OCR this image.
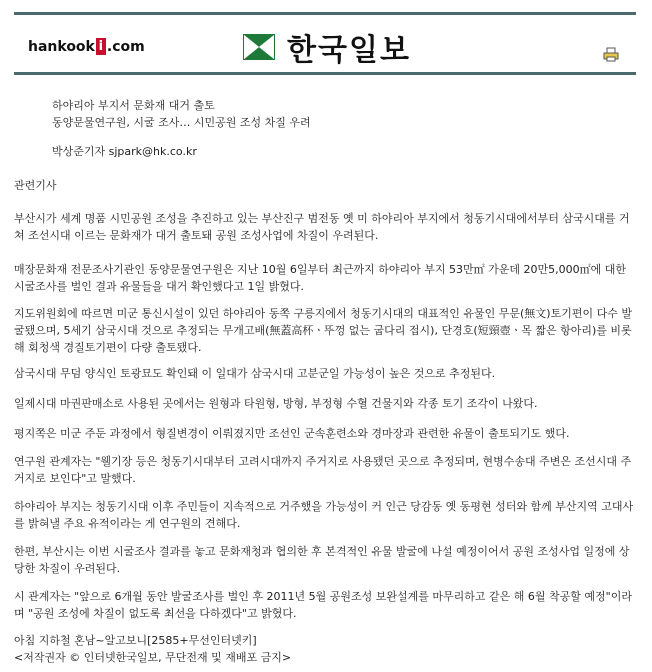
hankook i .com	한국일보
하야리아 부지서 문화재 대거 출토
동양문물연구원, 시굴 조사… 시민공원 조성 차질 우려
박상준기자 sjpark@hk.co.kr
관련기사
부산시가 세계 명품 시민공원 조성을 추진하고 있는 부산진구 범전동 옛 미 하야리아 부지에서 청동기시대에서부터 삼국시대를 거쳐 조선시대 이르는 문화재가 대거 출토돼 공원 조성사업에 차질이 우려된다.
매장문화재 전문조사기관인 동양문물연구원은 지난 10월 6일부터 최근까지 하야리아 부지 53만㎡ 가운데 20만5,000㎡에 대한 시굴조사를 벌인 결과 유물들을 대거 확인했다고 1일 밝혔다.
지도위원회에 따르면 미군 통신시설이 있던 하야리아 동쪽 구릉지에서 청동기시대의 대표적인 유물인 무문(無文)토기편이 다수 발굴됐으며, 5세기 삼국시대 것으로 추정되는 무개고배(無蓋高杯ㆍ뚜껑 없는 굽다리 접시), 단경호(短頸壺ㆍ목 짧은 항아리)를 비롯해 회청색 경질토기편이 다량 출토됐다.
삼국시대 무덤 양식인 토광묘도 확인돼 이 일대가 삼국시대 고분군일 가능성이 높은 것으로 추정된다.
일제시대 마권판매소로 사용된 곳에서는 원형과 타원형, 방형, 부정형 수혈 건물지와 각종 토기 조각이 나왔다.
평지쪽은 미군 주둔 과정에서 형질변경이 이뤄졌지만 조선인 군속훈련소와 경마장과 관련한 유물이 출토되기도 했다.
연구원 관계자는 "웰기장 등은 청동기시대부터 고려시대까지 주거지로 사용됐던 곳으로 추정되며, 현병수송대 주변은 조선시대 주거지로 보인다"고 말했다.
하야리아 부지는 청동기시대 이후 주민들이 지속적으로 거주했을 가능성이 커 인근 당감동 옛 동평현 성터와 함께 부산지역 고대사를 밝혀낼 주요 유적이라는 게 연구원의 견해다.
한편, 부산시는 이번 시굴조사 결과를 놓고 문화재청과 협의한 후 본격적인 유물 발굴에 나설 예정이어서 공원 조성사업 일정에 상당한 차질이 우려된다.
시 관계자는 "앞으로 6개월 동안 발굴조사를 벌인 후 2011년 5월 공원조성 보완설계를 마무리하고 같은 해 6월 착공할 예정"이라며 "공원 조성에 차질이 없도록 최선을 다하겠다"고 밝혔다.
아침 지하철 혼남~알고보니[2585+무선인터넷키]
<저작권자 © 인터넷한국일보, 무단전재 및 재배포 금지>
